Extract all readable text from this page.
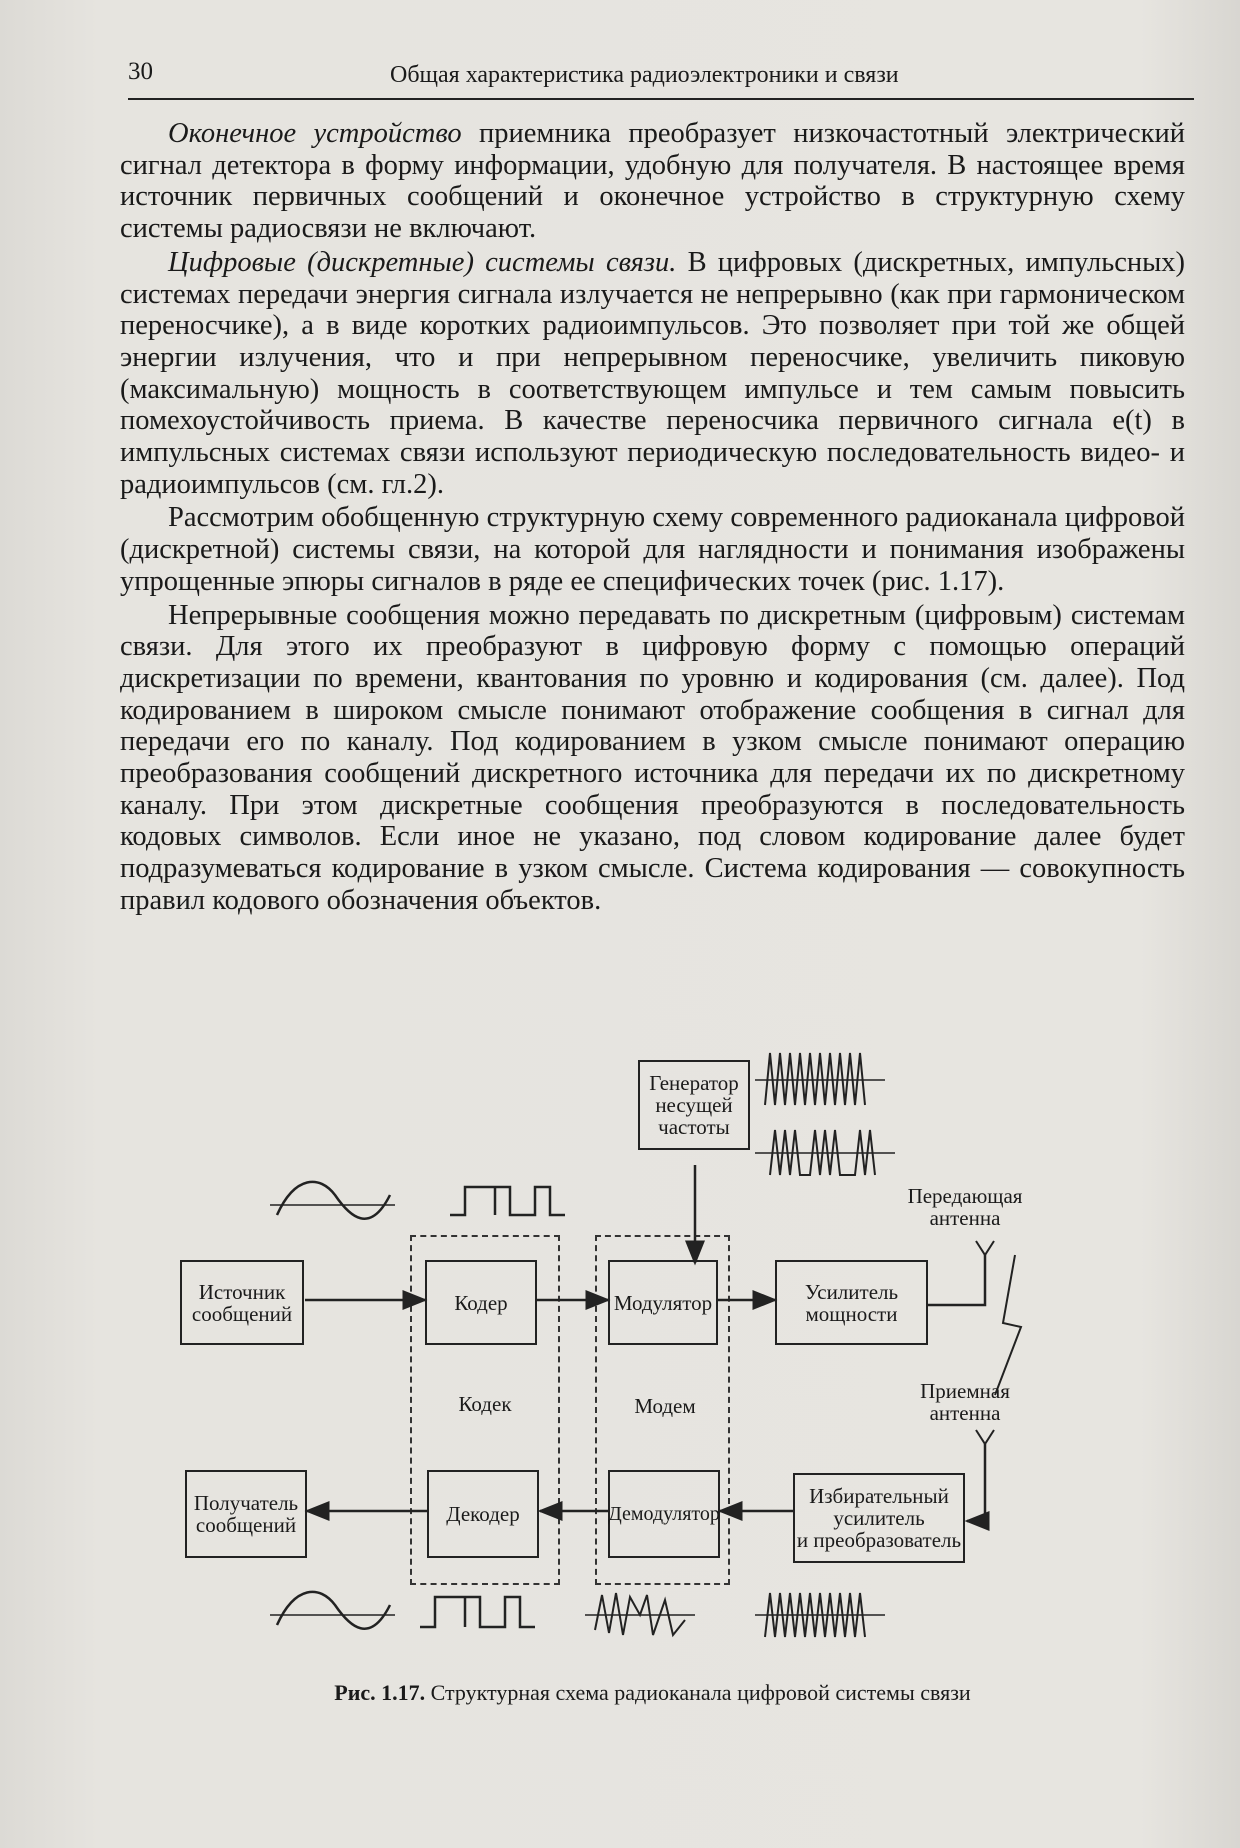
30	Общая характеристика радиоэлектроники и связи

Оконечное устройство приемника преобразует низкочастотный электрический сигнал детектора в форму информации, удобную для получателя. В настоящее время источник первичных сообщений и оконечное устройство в структурную схему системы радиосвязи не включают.

Цифровые (дискретные) системы связи. В цифровых (дискретных, импульсных) системах передачи энергия сигнала излучается не непрерывно (как при гармоническом переносчике), а в виде коротких радиоимпульсов. Это позволяет при той же общей энергии излучения, что и при непрерывном переносчике, увеличить пиковую (максимальную) мощность в соответствующем импульсе и тем самым повысить помехоустойчивость приема. В качестве переносчика первичного сигнала e(t) в импульсных системах связи используют периодическую последовательность видео- и радиоимпульсов (см. гл.2).

Рассмотрим обобщенную структурную схему современного радиоканала цифровой (дискретной) системы связи, на которой для наглядности и понимания изображены упрощенные эпюры сигналов в ряде ее специфических точек (рис. 1.17).

Непрерывные сообщения можно передавать по дискретным (цифровым) системам связи. Для этого их преобразуют в цифровую форму с помощью операций дискретизации по времени, квантования по уровню и кодирования (см. далее). Под кодированием в широком смысле понимают отображение сообщения в сигнал для передачи его по каналу. Под кодированием в узком смысле понимают операцию преобразования сообщений дискретного источника для передачи их по дискретному каналу. При этом дискретные сообщения преобразуются в последовательность кодовых символов. Если иное не указано, под словом кодирование далее будет подразумеваться кодирование в узком смысле. Система кодирования — совокупность правил кодового обозначения объектов.

Источник
сообщений	Кодер	Модулятор	Усилитель
мощности
Генератор
несущей
частоты
Избирательный
усилитель
и преобразователь
Демодулятор
Декодер
Получатель
сообщений
Кодек	Модем
Передающая
антенна
Приемная
антенна
Рис. 1.17. Структурная схема радиоканала цифровой системы связи
